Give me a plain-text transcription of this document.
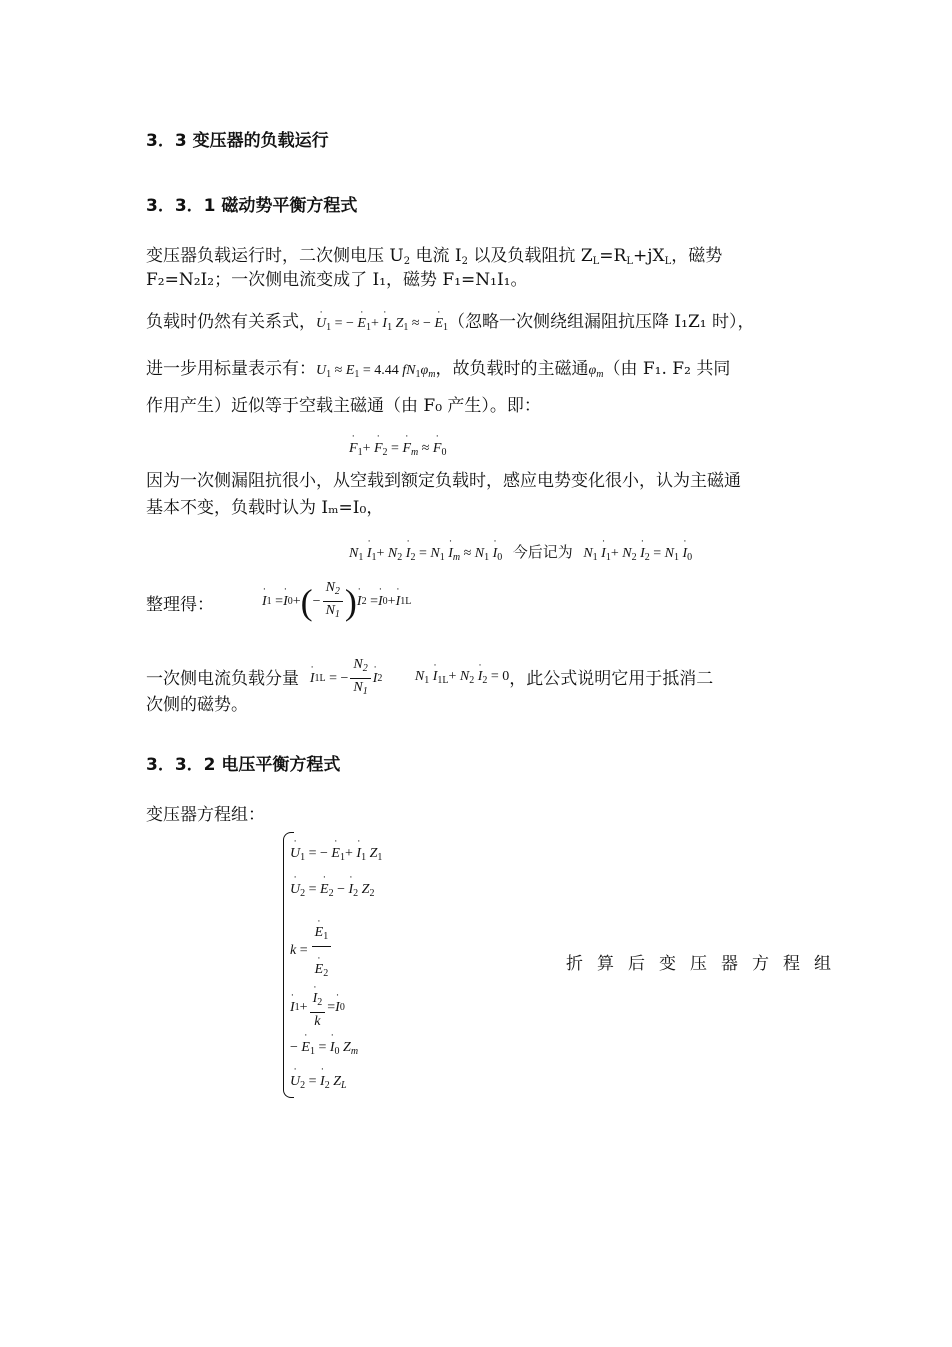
3．3 变压器的负载运行
3．3．1 磁动势平衡方程式
变压器负载运行时，二次侧电压 $U_2$ 电流 $I_2$ 以及负载阻抗 $Z_L=R_L+jX_L$，磁势
F₂=N₂I₂；一次侧电流变成了 I₁，磁势 F₁=N₁I₁。
负载时仍然有关系式，˙ $U_1$ = − ˙ $E_1+$ ˙ $I_1$ $Z_1$ ≈ − ˙ $E_1$（忽略一次侧绕组漏阻抗压降 I₁Z₁ 时），
进一步用标量表示有：$U_1 \approx E_1 = 4.44$ $fN_1\varphi_m$，故负载时的主磁通$\varphi_m$（由 F₁. F₂ 共同
作用产生）近似等于空载主磁通（由 F₀ 产生）。即：
˙ $F_1+$ ˙ $F_2$ = ˙ $F_m$ ≈ ˙ $F_0$
因为一次侧漏阻抗很小，从空载到额定负载时，感应电势变化很小，认为主磁通
基本不变，负载时认为 Iₘ=I₀，
$N_1$ ˙ $I_1+ N_2$ ˙ $I_2 = N_1$ ˙ $I_m \approx N_1$ ˙ $I_0$ 今后记为 $N_1$ ˙ $I_1+ N_2$ ˙ $I_2 = N_1$ ˙ $I_0$
整理得：	˙ I 1 = ˙ I 0 + ( − $\frac{N_2}{N_1}$ ) ˙ I 2 = ˙ I 0 + ˙ I 1L
一次侧电流负载分量
˙ I 1L = − $\frac{N_2}{N_1}$ ˙ I 2
$N_1$ ˙ $I_{1L}+ N_2$ ˙ $I_2 = 0$ ，此公式说明它用于抵消二
次侧的磁势。
3．3．2 电压平衡方程式
变压器方程组：
˙ $U_1$ = − ˙ $E_1+$ ˙ $I_1$ $Z_1$
˙ $U_2$ = ˙ $E_2$ − ˙ $I_2$ $Z_2$
k = ˙ $E_1$
˙ $E_2$
˙ I 1 + ˙ $\frac{I_2}{k}$ = ˙ I 0
− ˙ $E_1$ = ˙ $I_0$ $Z_m$
˙ $U_2$ = ˙ $I_2$ $Z_L$
折算后变压器方程组
